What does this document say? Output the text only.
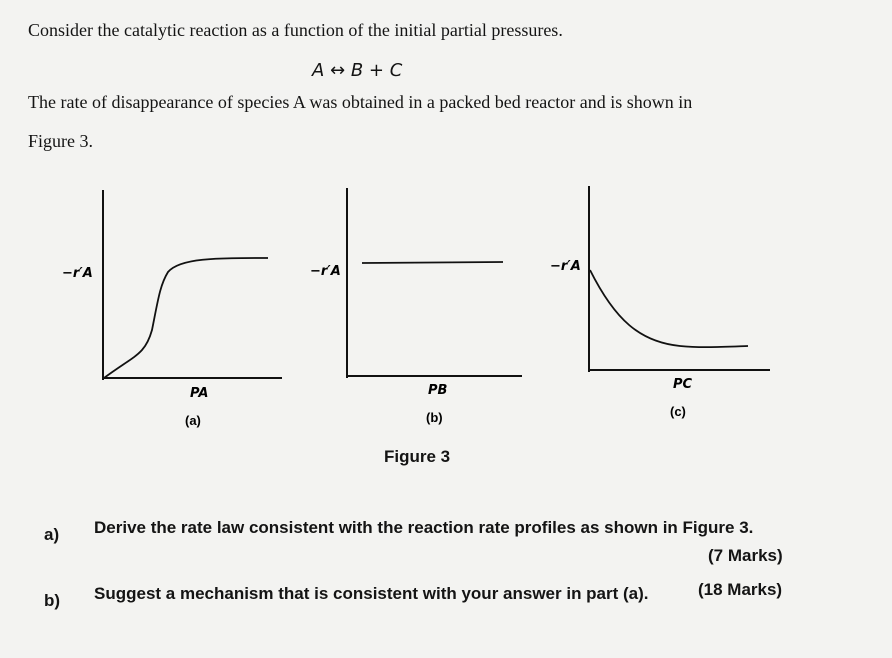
Consider the catalytic reaction as a function of the initial partial pressures.
A ↔ B + C
The rate of disappearance of species A was obtained in a packed bed reactor and is shown in
Figure 3.
−r′A
PA
(a)
−r′A
PB
(b)
−r′A
PC
(c)
Figure 3
a) Derive the rate law consistent with the reaction rate profiles as shown in Figure 3.
(7 Marks)
b) Suggest a mechanism that is consistent with your answer in part (a).	(18 Marks)
